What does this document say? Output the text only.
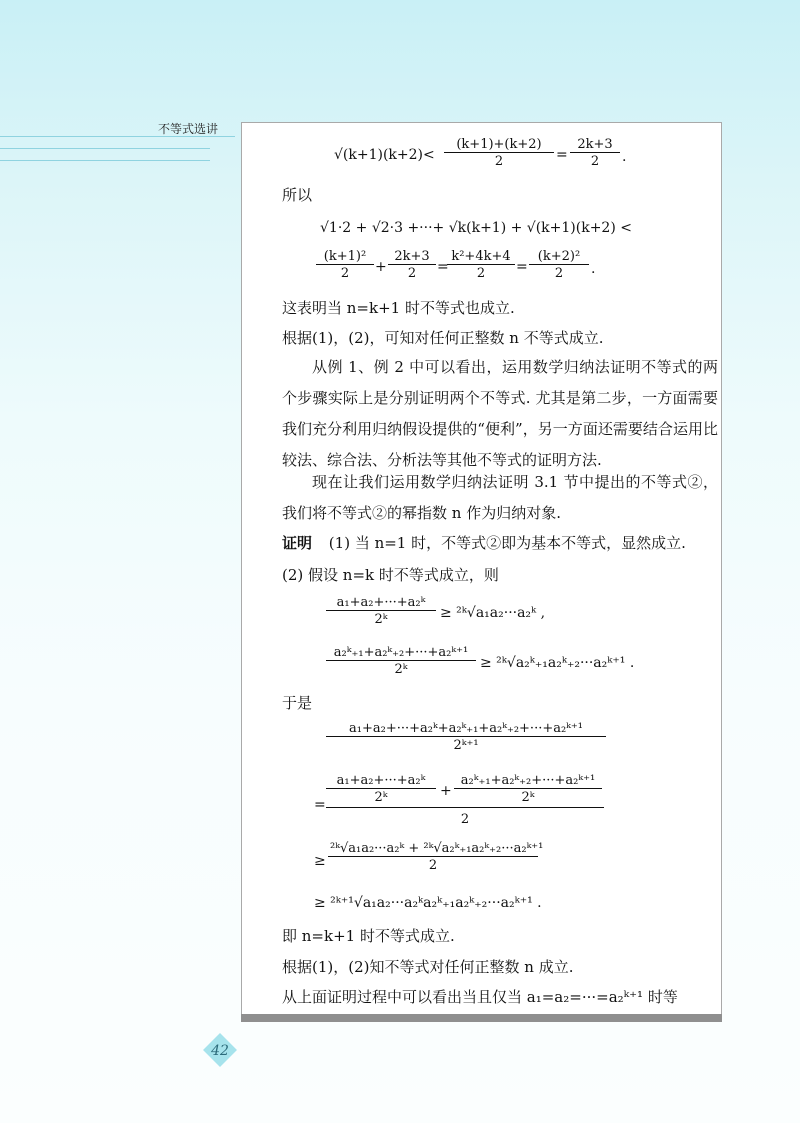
不等式选讲
$√(k+1)(k+2)< \frac{(k+1)+(k+2)}{2} = \frac{2k+3}{2}$ .
所以
√1·2 + √2·3 +···+ √k(k+1) + √(k+1)(k+2) <
$\frac{\text{(k+1)²}}{2} + \frac{2k+3}{2}$ =
$\frac{\text{k²+4k+4}}{2} = \frac{\text{(k+2)²}}{2}$ .
这表明当 n=k+1 时不等式也成立.
根据(1)，(2)，可知对任何正整数 n 不等式成立.
从例 1、例 2 中可以看出，运用数学归纳法证明不等式的两个步骤实际上是分别证明两个不等式. 尤其是第二步，一方面需要我们充分利用归纳假设提供的“便利”，另一方面还需要结合运用比较法、综合法、分析法等其他不等式的证明方法.
现在让我们运用数学归纳法证明 3.1 节中提出的不等式②，我们将不等式②的幂指数 n 作为归纳对象.
证明 (1) 当 n=1 时，不等式②即为基本不等式，显然成立.
(2) 假设 n=k 时不等式成立，则
$\frac{\text{a₁+a₂+···+a₂ᵏ}}{\text{2ᵏ}}$ ≥ ²ᵏ√a₁a₂···a₂ᵏ ,
$\frac{\text{a₂ᵏ₊₁+a₂ᵏ₊₂+···+a₂ᵏ⁺¹}}{\text{2ᵏ}}$ ≥ ²ᵏ√a₂ᵏ₊₁a₂ᵏ₊₂···a₂ᵏ⁺¹ .
于是
$\frac{\text{a₁+a₂+···+a₂ᵏ+a₂ᵏ₊₁+a₂ᵏ₊₂+···+a₂ᵏ⁺¹}}{\text{2ᵏ⁺¹}}$
= $\frac{\text{a₁+a₂+···+a₂ᵏ}}{\text{2ᵏ}} + \frac{\text{a₂ᵏ₊₁+a₂ᵏ₊₂+···+a₂ᵏ⁺¹}}{\text{2ᵏ}}$
2
≥ $\frac{\text{²ᵏ√a₁a₂···a₂ᵏ + ²ᵏ√a₂ᵏ₊₁a₂ᵏ₊₂···a₂ᵏ⁺¹}}{2}$
≥ ²ᵏ⁺¹√a₁a₂···a₂ᵏa₂ᵏ₊₁a₂ᵏ₊₂···a₂ᵏ⁺¹ .
即 n=k+1 时不等式成立.
根据(1)，(2)知不等式对任何正整数 n 成立.
从上面证明过程中可以看出当且仅当 a₁=a₂=···=a₂ᵏ⁺¹ 时等
42
